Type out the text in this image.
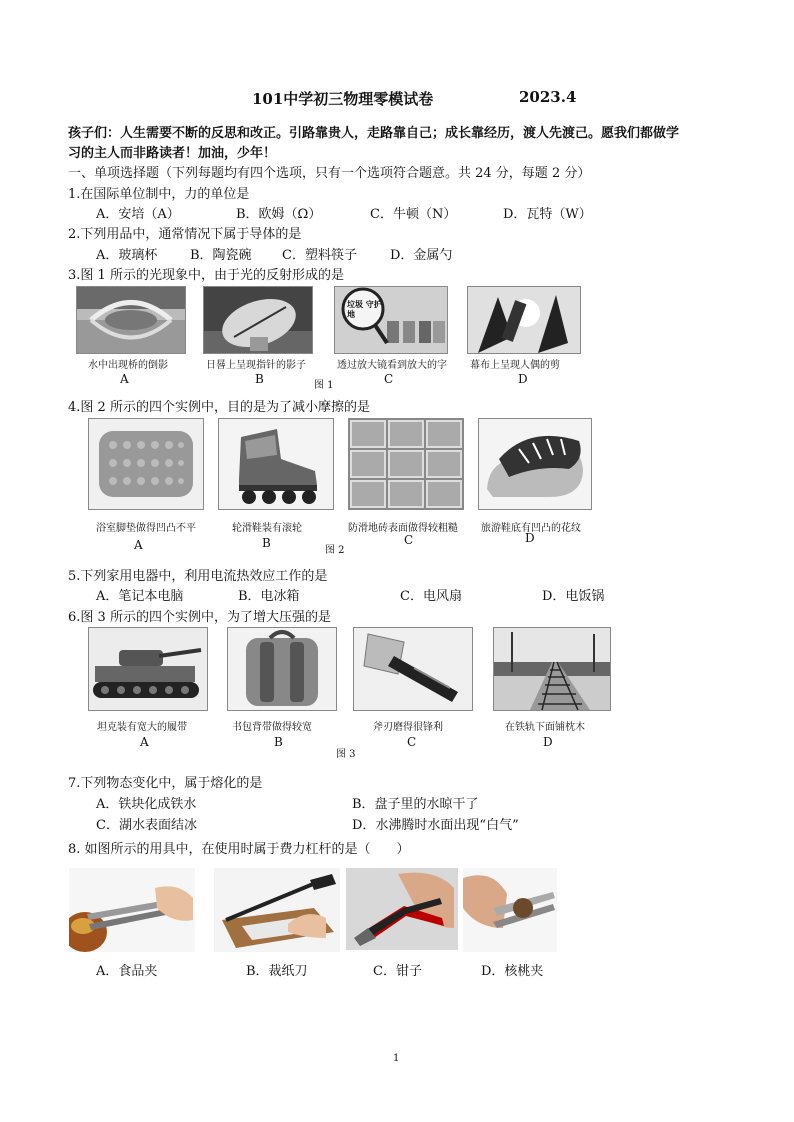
101中学初三物理零模试卷	2023.4
孩子们：人生需要不断的反思和改正。引路靠贵人，走路靠自己；成长靠经历，渡人先渡己。愿我们都做学
习的主人而非路读者！加油，少年！
一、单项选择题（下列每题均有四个选项，只有一个选项符合题意。共 24 分，每题 2 分）
1.在国际单位制中，力的单位是
A．安培（A）	B．欧姆（Ω）	C．牛顿（N）	D．瓦特（W）
2.下列用品中，通常情况下属于导体的是
A．玻璃杯	B．陶瓷碗 C．塑料筷子	D．金属勺
3.图 1 所示的光现象中，由于光的反射形成的是
垃圾 守护地
水中出现桥的倒影	日晷上呈现指针的影子	透过放大镜看到放大的字 幕布上呈现人偶的剪
A	B	图 1	C	D
4.图 2 所示的四个实例中，目的是为了减小摩擦的是
浴室脚垫做得凹凸不平	轮滑鞋装有滚轮	防滑地砖表面做得较粗糙 旅游鞋底有凹凸的花纹
A	B
图 2
C	D
5.下列家用电器中，利用电流热效应工作的是
A．笔记本电脑	B．电冰箱	C．电风扇	D．电饭锅
6.图 3 所示的四个实例中，为了增大压强的是
坦克装有宽大的履带	书包背带做得较宽	斧刃磨得很锋利	在铁轨下面铺枕木
A	B
图 3
C	D
7.下列物态变化中，属于熔化的是
A．铁块化成铁水	B．盘子里的水晾干了
C．湖水表面结冰	D．水沸腾时水面出现“白气”
8. 如图所示的用具中，在使用时属于费力杠杆的是（　　）
A．食品夹	B．裁纸刀	C．钳子	D．核桃夹
1
